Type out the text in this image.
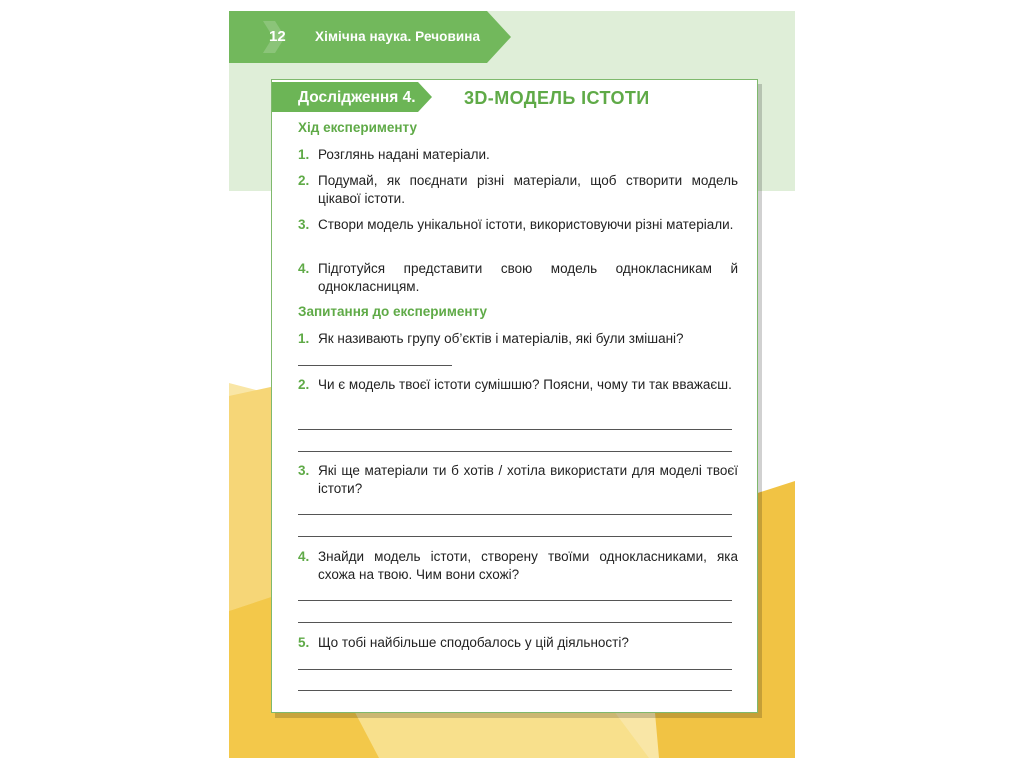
12 Хімічна наука. Речовина
Дослідження 4.	3D-МОДЕЛЬ ІСТОТИ
Хід експерименту
1. Розглянь надані матеріали.
2. Подумай, як поєднати різні матеріали, щоб створити модель цікавої істоти.
3. Створи модель унікальної істоти, використовуючи різні матеріали.
4. Підготуйся представити свою модель однокласникам й однокласницям.
Запитання до експерименту
1. Як називають групу об’єктів і матеріалів, які були змішані?
2. Чи є модель твоєї істоти сумішшю? Поясни, чому ти так вважаєш.
3. Які ще матеріали ти б хотів / хотіла використати для моделі твоєї істоти?
4. Знайди модель істоти, створену твоїми однокласниками, яка схожа на твою. Чим вони схожі?
5. Що тобі найбільше сподобалось у цій діяльності?
